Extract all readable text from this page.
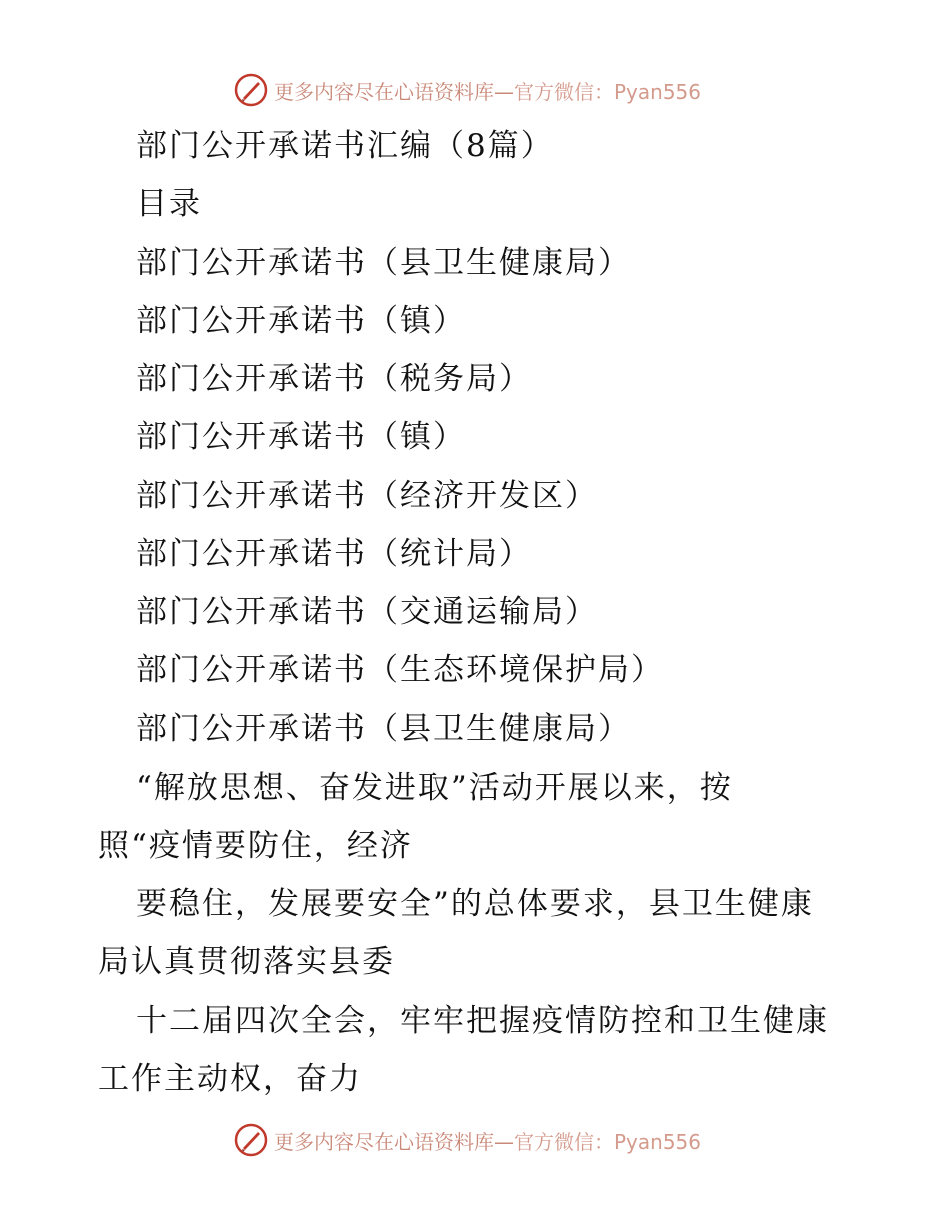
更多内容尽在心语资料库— 官方微信：Pyan556
部门公开承诺书汇编（8篇）
目录
部门公开承诺书（县卫生健康局）
部门公开承诺书（镇）
部门公开承诺书（税务局）
部门公开承诺书（镇）
部门公开承诺书（经济开发区）
部门公开承诺书（统计局）
部门公开承诺书（交通运输局）
部门公开承诺书（生态环境保护局）
部门公开承诺书（县卫生健康局）
“解放思想、奋发进取”活动开展以来，按
照“疫情要防住，经济
要稳住，发展要安全”的总体要求，县卫生健康
局认真贯彻落实县委
十二届四次全会，牢牢把握疫情防控和卫生健康
工作主动权，奋力
更多内容尽在心语资料库— 官方微信：Pyan556
